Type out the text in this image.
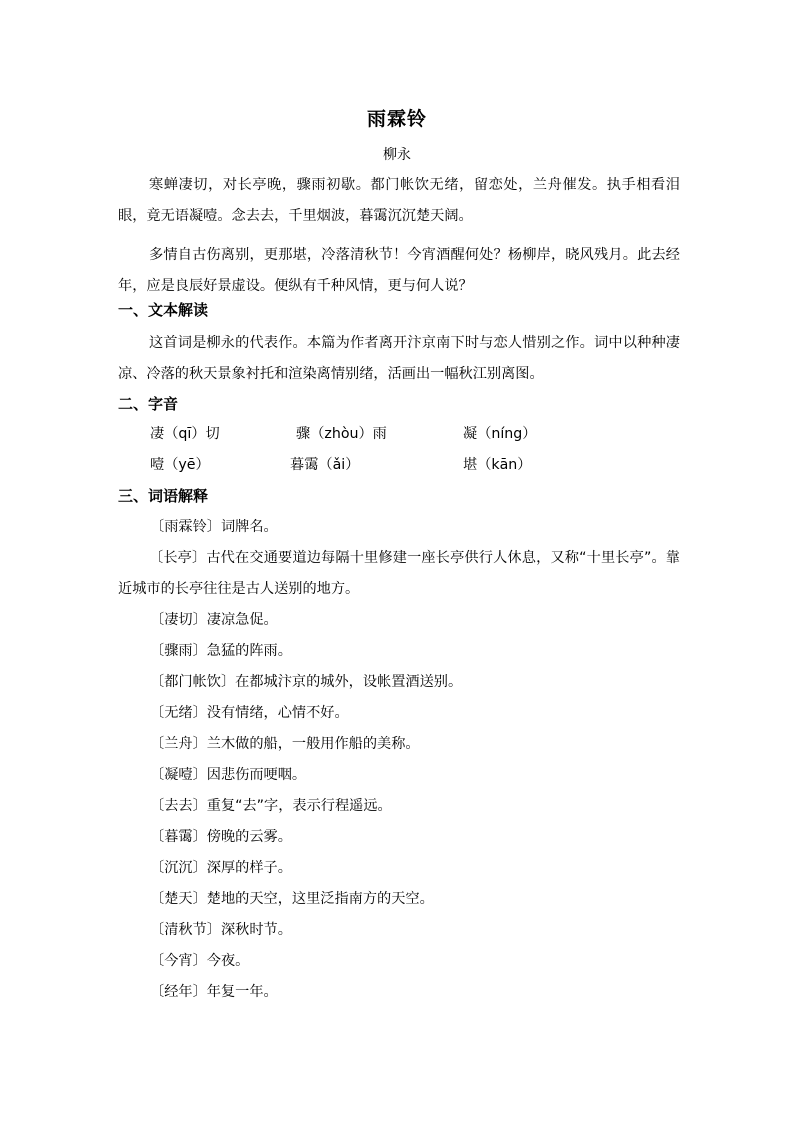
雨霖铃
柳永

寒蝉凄切，对长亭晚，骤雨初歇。都门帐饮无绪，留恋处，兰舟催发。执手相看泪眼，竟无语凝噎。念去去，千里烟波，暮霭沉沉楚天阔。

多情自古伤离别，更那堪，冷落清秋节！今宵酒醒何处？杨柳岸，晓风残月。此去经年，应是良辰好景虚设。便纵有千种风情，更与何人说？

一、文本解读

这首词是柳永的代表作。本篇为作者离开汴京南下时与恋人惜别之作。词中以种种凄凉、冷落的秋天景象衬托和渲染离情别绪，活画出一幅秋江别离图。

二、字音

凄（qī）切	骤（zhòu）雨	凝（níng）
噎（yē）	暮霭（ǎi）	堪（kān）

三、词语解释

〔雨霖铃〕词牌名。
〔长亭〕古代在交通要道边每隔十里修建一座长亭供行人休息，又称“十里长亭”。靠近城市的长亭往往是古人送别的地方。
〔凄切〕凄凉急促。
〔骤雨〕急猛的阵雨。
〔都门帐饮〕在都城汴京的城外，设帐置酒送别。
〔无绪〕没有情绪，心情不好。
〔兰舟〕兰木做的船，一般用作船的美称。
〔凝噎〕因悲伤而哽咽。
〔去去〕重复“去”字，表示行程遥远。
〔暮霭〕傍晚的云雾。
〔沉沉〕深厚的样子。
〔楚天〕楚地的天空，这里泛指南方的天空。
〔清秋节〕深秋时节。
〔今宵〕今夜。
〔经年〕年复一年。
